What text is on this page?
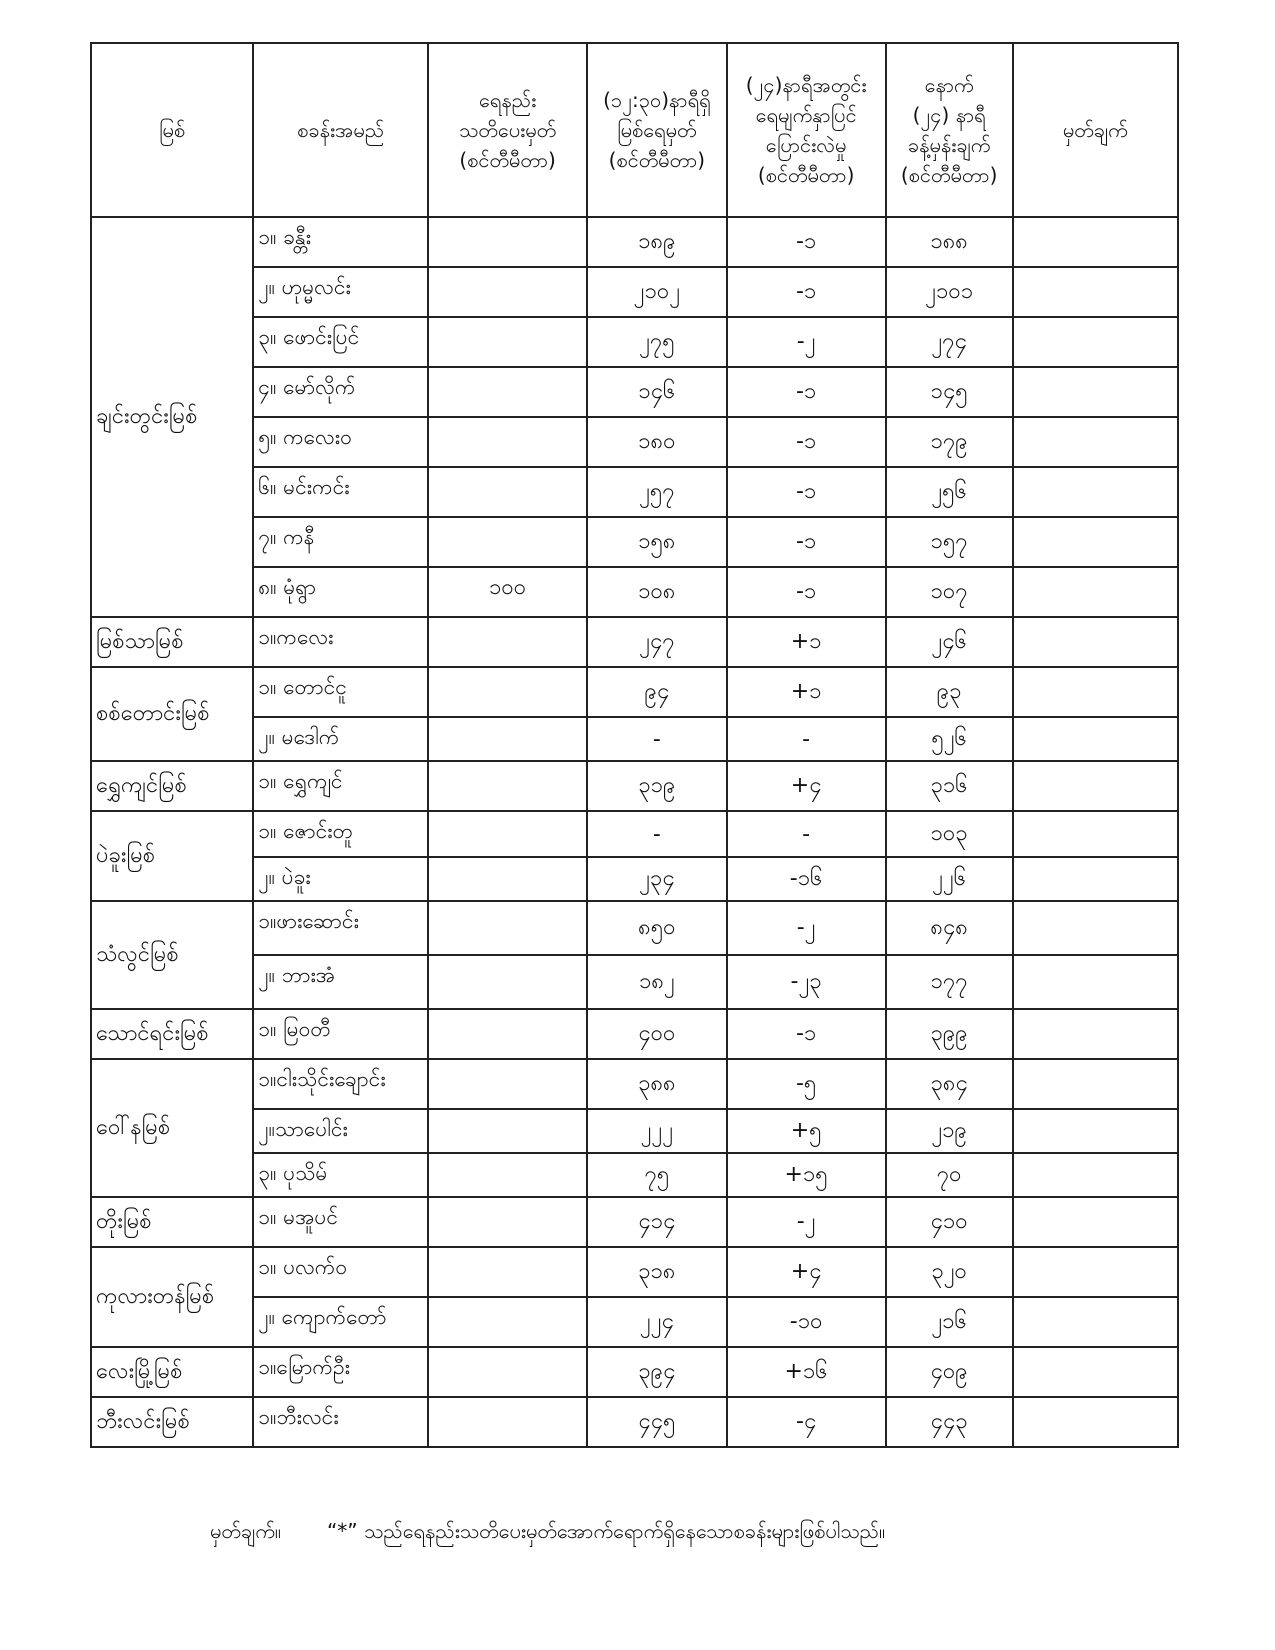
မြစ်	စခန်းအမည်	ရေနည်း
သတိပေးမှတ်
(စင်တီမီတာ)	(၁၂:၃၀)နာရီရှိ
မြစ်ရေမှတ်
(စင်တီမီတာ)	(၂၄)နာရီအတွင်း
ရေမျက်နှာပြင်
ပြောင်းလဲမှု
(စင်တီမီတာ)	နောက်
(၂၄) နာရီ
ခန့်မှန်းချက်
(စင်တီမီတာ)	မှတ်ချက်

ချင်းတွင်းမြစ်	၁။ ခန္တီး		၁၈၉	-၁	၁၈၈	
	၂။ ဟုမ္မလင်း		၂၁၀၂	-၁	၂၁၀၁	
	၃။ ဖောင်းပြင်		၂၇၅	-၂	၂၇၄	
	၄။ မော်လိုက်		၁၄၆	-၁	၁၄၅	
	၅။ ကလေးဝ		၁၈၀	-၁	၁၇၉	
	၆။ မင်းကင်း		၂၅၇	-၁	၂၅၆	
	၇။ ကနီ		၁၅၈	-၁	၁၅၇	
	၈။ မုံရွာ	၁၀၀	၁၀၈	-၁	၁၀၇	
မြစ်သာမြစ်	၁။ကလေး		၂၄၇	+၁	၂၄၆	
စစ်တောင်းမြစ်	၁။ တောင်ငူ		၉၄	+၁	၉၃	
	၂။ မဒေါက်		-	-	၅၂၆	
ရွှေကျင်မြစ်	၁။ ရွှေကျင်		၃၁၉	+၄	၃၁၆	
ပဲခူးမြစ်	၁။ ဇောင်းတူ		-	-	၁၀၃	
	၂။ ပဲခူး		၂၃၄	-၁၆	၂၂၆	
သံလွင်မြစ်	၁။ဖားဆောင်း		၈၅၀	-၂	၈၄၈	
	၂။ ဘားအံ		၁၈၂	-၂၃	၁၇၇	
သောင်ရင်းမြစ်	၁။ မြဝတီ		၄၀၀	-၁	၃၉၉	
ဝေါ်နမြစ်	၁။ငါးသိုင်းချောင်း		၃၈၈	-၅	၃၈၄	
	၂။သာပေါင်း		၂၂၂	+၅	၂၁၉	
	၃။ ပုသိမ်		၇၅	+၁၅	၇၀	
တိုးမြစ်	၁။ မအူပင်		၄၁၄	-၂	၄၁၀	
ကုလားတန်မြစ်	၁။ ပလက်ဝ		၃၁၈	+၄	၃၂၀	
	၂။ ကျောက်တော်		၂၂၄	-၁၀	၂၁၆	
လေးမြို့မြစ်	၁။မြောက်ဦး		၃၉၄	+၁၆	၄၀၉	
ဘီးလင်းမြစ်	၁။ဘီးလင်း		၄၄၅	-၄	၄၄၃	
မှတ်ချက်။ “*” သည်ရေနည်းသတိပေးမှတ်အောက်ရောက်ရှိနေသောစခန်းများဖြစ်ပါသည်။
